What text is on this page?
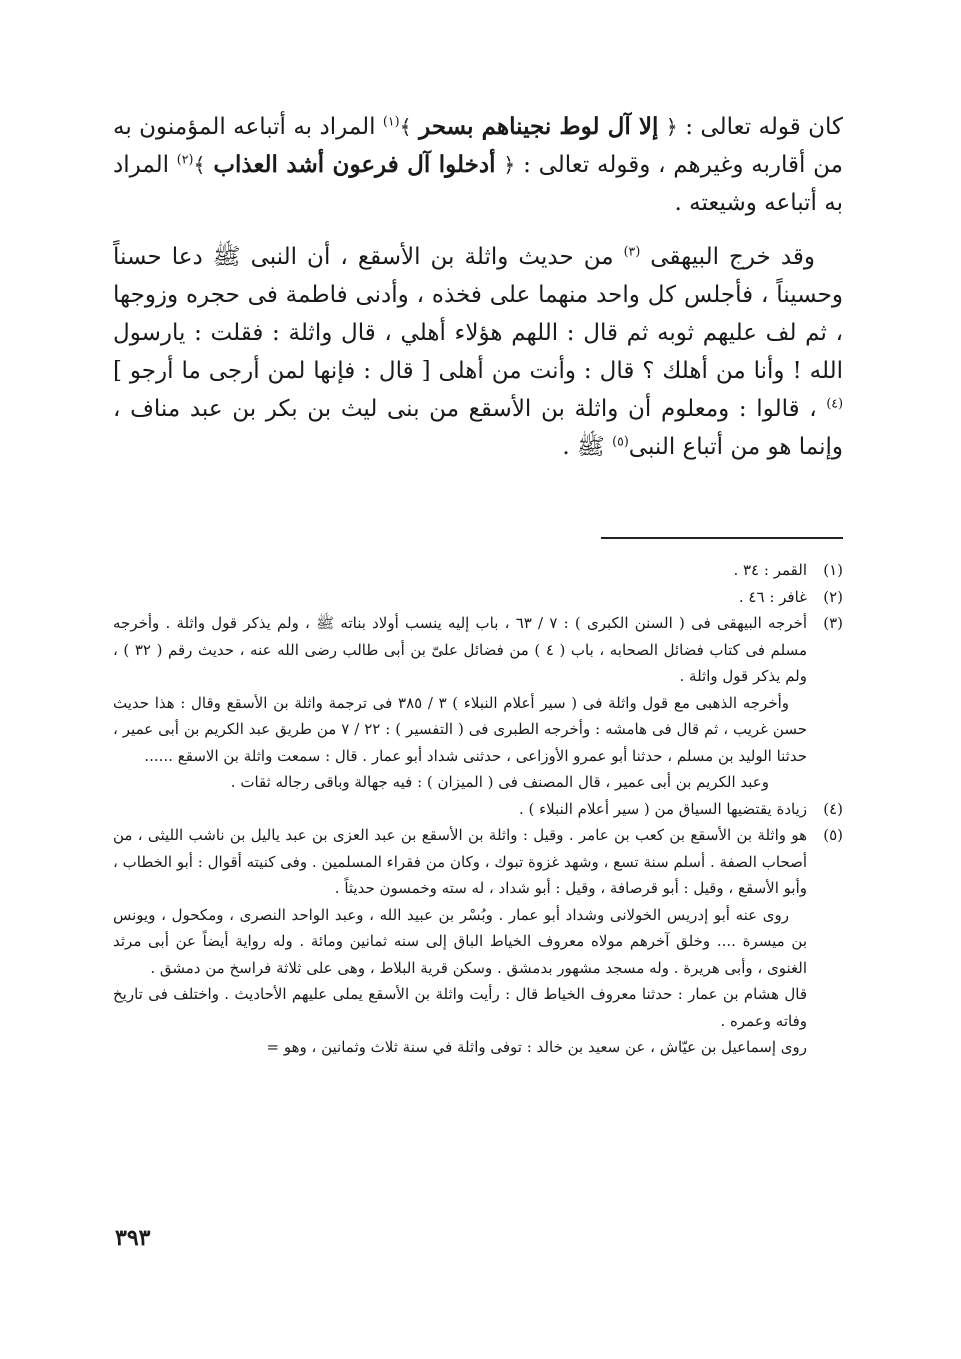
كان قوله تعالى : ﴿ إلا آل لوط نجيناهم بسحر ﴾$^{(١)}$ المراد به أتباعه المؤمنون به من أقاربه وغيرهم ، وقوله تعالى : ﴿ أدخلوا آل فرعون أشد العذاب ﴾$^{(٢)}$ المراد به أتباعه وشيعته .

وقد خرج البيهقى $^{(٣)}$ من حديث واثلة بن الأسقع ، أن النبى ﷺ دعا حسناً وحسيناً ، فأجلس كل واحد منهما على فخذه ، وأدنى فاطمة فى حجره وزوجها ، ثم لف عليهم ثوبه ثم قال : اللهم هؤلاء أهلي ، قال واثلة : فقلت : يارسول الله ! وأنا من أهلك ؟ قال : وأنت من أهلى [ قال : فإنها لمن أرجى ما أرجو ]$^{(٤)}$ ، قالوا : ومعلوم أن واثلة بن الأسقع من بنى ليث بن بكر بن عبد مناف ، وإنما هو من أتباع النبى$^{(٥)}$ ﷺ .

(١)

القمر : ٣٤ .

(٢)

غافر : ٤٦ .

(٣)

أخرجه البيهقى فى ( السنن الكبرى ) : ٧ / ٦٣ ، باب إليه ينسب أولاد بناته ﷺ ، ولم يذكر قول واثلة . وأخرجه مسلم فى كتاب فضائل الصحابه ، باب ( ٤ ) من فضائل علىّ بن أبى طالب رضى الله عنه ، حديث رقم ( ٣٢ ) ، ولم يذكر قول واثلة .

وأخرجه الذهبى مع قول واثلة فى ( سير أعلام النبلاء ) ٣ / ٣٨٥ فى ترجمة واثلة بن الأسقع وقال : هذا حديث حسن غريب ، ثم قال فى هامشه : وأخرجه الطبرى فى ( التفسير ) : ٢٢ / ٧ من طريق عبد الكريم بن أبى عمير ، حدثنا الوليد بن مسلم ، حدثنا أبو عمرو الأوزاعى ، حدثنى شداد أبو عمار . قال : سمعت واثلة بن الاسقع ......

وعبد الكريم بن أبى عمير ، قال المصنف فى ( الميزان ) : فيه جهالة وباقى رجاله ثقات .

(٤)

زيادة يقتضيها السياق من ( سير أعلام النبلاء ) .

(٥)

هو واثلة بن الأسقع بن كعب بن عامر . وقيل : واثلة بن الأسقع بن عبد العزى بن عبد ياليل بن ناشب الليثى ، من أصحاب الصفة . أسلم سنة تسع ، وشهد غزوة تبوك ، وكان من فقراء المسلمين . وفى كنيته أقوال : أبو الخطاب ، وأبو الأسقع ، وقيل : أبو قرصافة ، وقيل : أبو شداد ، له سته وخمسون حديثاً .

روى عنه أبو إدريس الخولانى وشداد أبو عمار . وبُسْر بن عبيد الله ، وعبد الواحد النصرى ، ومكحول ، ويونس بن ميسرة .... وخلق آخرهم مولاه معروف الخياط الباق إلى سنه ثمانين ومائة . وله رواية أيضاً عن أبى مرثد الغنوى ، وأبى هريرة . وله مسجد مشهور بدمشق . وسكن قرية البلاط ، وهى على ثلاثة فراسخ من دمشق .

قال هشام بن عمار : حدثنا معروف الخياط قال : رأيت واثلة بن الأسقع يملى عليهم الأحاديث . واختلف فى تاريخ وفاته وعمره .

روى إسماعيل بن عيّاش ، عن سعيد بن خالد : توفى واثلة في سنة ثلاث وثمانين ، وهو =

٣٩٣
